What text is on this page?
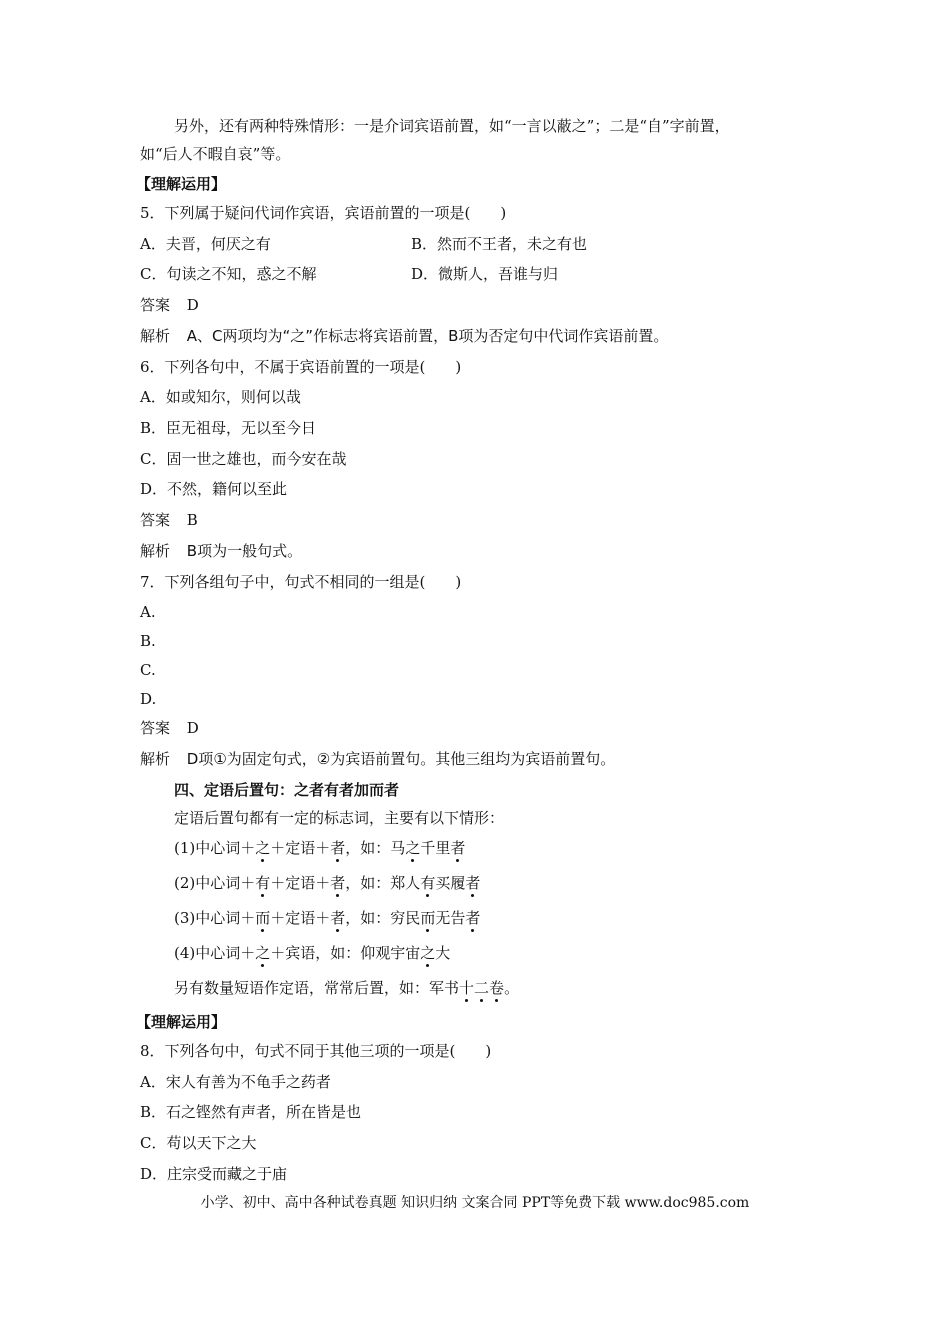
另外，还有两种特殊情形：一是介词宾语前置，如“一言以蔽之”；二是“自”字前置，
如“后人不暇自哀”等。
【理解运用】
5．下列属于疑问代词作宾语，宾语前置的一项是(　　)
A．夫晋，何厌之有	B．然而不王者，未之有也
C．句读之不知，惑之不解	D．微斯人，吾谁与归
答案 D
解析 A、C两项均为“之”作标志将宾语前置，B项为否定句中代词作宾语前置。
6．下列各句中，不属于宾语前置的一项是(　　)
A．如或知尔，则何以哉
B．臣无祖母，无以至今日
C．固一世之雄也，而今安在哉
D．不然，籍何以至此
答案 B
解析 B项为一般句式。
7．下列各组句子中，句式不相同的一组是(　　)
A.
B.
C.
D.
答案 D
解析 D项①为固定句式，②为宾语前置句。其他三组均为宾语前置句。
四、定语后置句：之者有者加而者
定语后置句都有一定的标志词，主要有以下情形：
(1)中心词＋之＋定语＋者，如：马之千里者
(2)中心词＋有＋定语＋者，如：郑人有买履者
(3)中心词＋而＋定语＋者，如：穷民而无告者
(4)中心词＋之＋宾语，如：仰观宇宙之大
另有数量短语作定语，常常后置，如：军书十二卷。
【理解运用】
8．下列各句中，句式不同于其他三项的一项是(　　)
A．宋人有善为不龟手之药者
B．石之铿然有声者，所在皆是也
C．苟以天下之大
D．庄宗受而藏之于庙
小学、初中、高中各种试卷真题 知识归纳 文案合同 PPT等免费下载 www.doc985.com
